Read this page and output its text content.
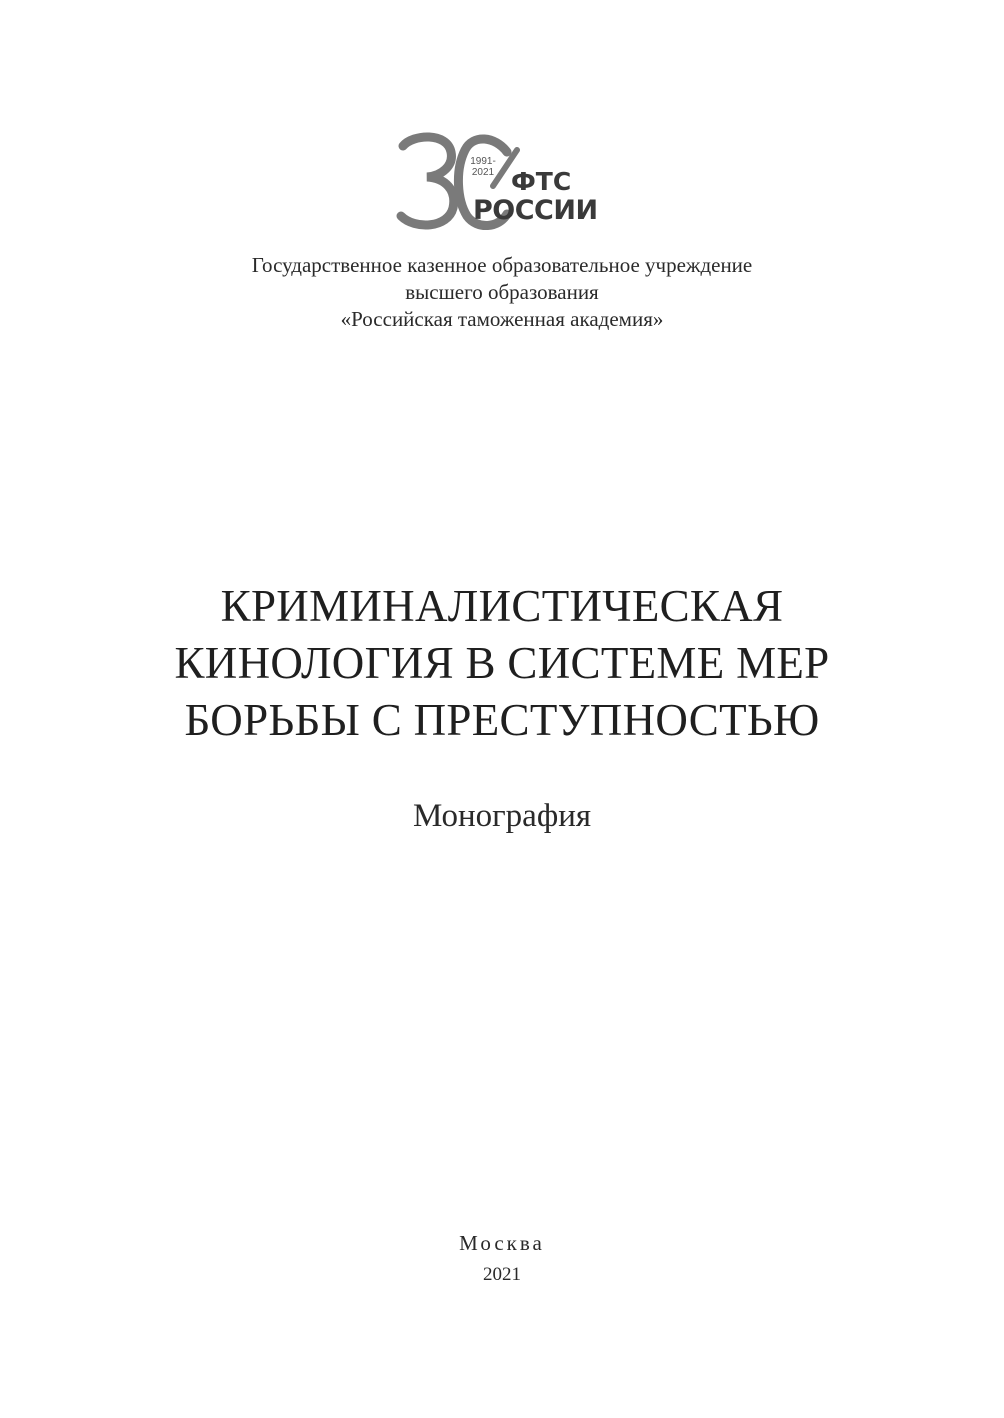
1991-
2021 ФТС
РОССИИ
Государственное казенное образовательное учреждение
высшего образования
«Российская таможенная академия»
КРИМИНАЛИСТИЧЕСКАЯ
КИНОЛОГИЯ В СИСТЕМЕ МЕР
БОРЬБЫ С ПРЕСТУПНОСТЬЮ
Монография
Москва
2021
